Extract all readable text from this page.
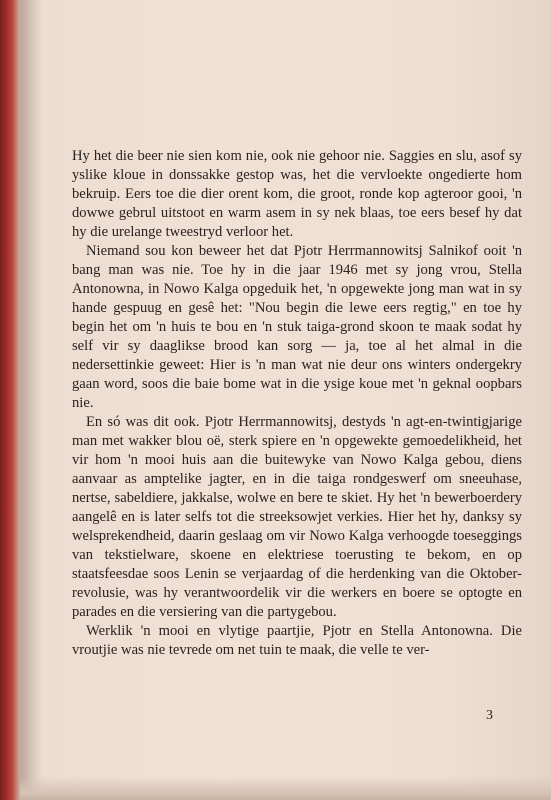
Hy het die beer nie sien kom nie, ook nie gehoor nie. Saggies en slu, asof sy yslike kloue in donssakke gestop was, het die vervloekte ongedierte hom bekruip. Eers toe die dier orent kom, die groot, ronde kop agteroor gooi, 'n dowwe gebrul uitstoot en warm asem in sy nek blaas, toe eers besef hy dat hy die urelange tweestryd verloor het.

Niemand sou kon beweer het dat Pjotr Herrmannowitsj Salnikof ooit 'n bang man was nie. Toe hy in die jaar 1946 met sy jong vrou, Stella Antonowna, in Nowo Kalga opgeduik het, 'n opgewekte jong man wat in sy hande gespuug en gesê het: "Nou begin die lewe eers regtig," en toe hy begin het om 'n huis te bou en 'n stuk taiga-grond skoon te maak sodat hy self vir sy daaglikse brood kan sorg — ja, toe al het almal in die nedersettinkie geweet: Hier is 'n man wat nie deur ons winters ondergekry gaan word, soos die baie bome wat in die ysige koue met 'n geknal oopbars nie.

En só was dit ook. Pjotr Herrmannowitsj, destyds 'n agt-en-twintigjarige man met wakker blou oë, sterk spiere en 'n opgewekte gemoedelikheid, het vir hom 'n mooi huis aan die buitewyke van Nowo Kalga gebou, diens aanvaar as amptelike jagter, en in die taiga rondgeswerf om sneeuhase, nertse, sabeldiere, jakkalse, wolwe en bere te skiet. Hy het 'n bewerboerdery aangelê en is later selfs tot die streeksowjet verkies. Hier het hy, danksy sy welsprekendheid, daarin geslaag om vir Nowo Kalga verhoogde toeseggings van tekstielware, skoene en elektriese toerusting te bekom, en op staatsfeesdae soos Lenin se verjaardag of die herdenking van die Oktober-revolusie, was hy verantwoordelik vir die werkers en boere se optogte en parades en die versiering van die partygebou.

Werklik 'n mooi en vlytige paartjie, Pjotr en Stella Antonowna. Die vroutjie was nie tevrede om net tuin te maak, die velle te ver-

3
